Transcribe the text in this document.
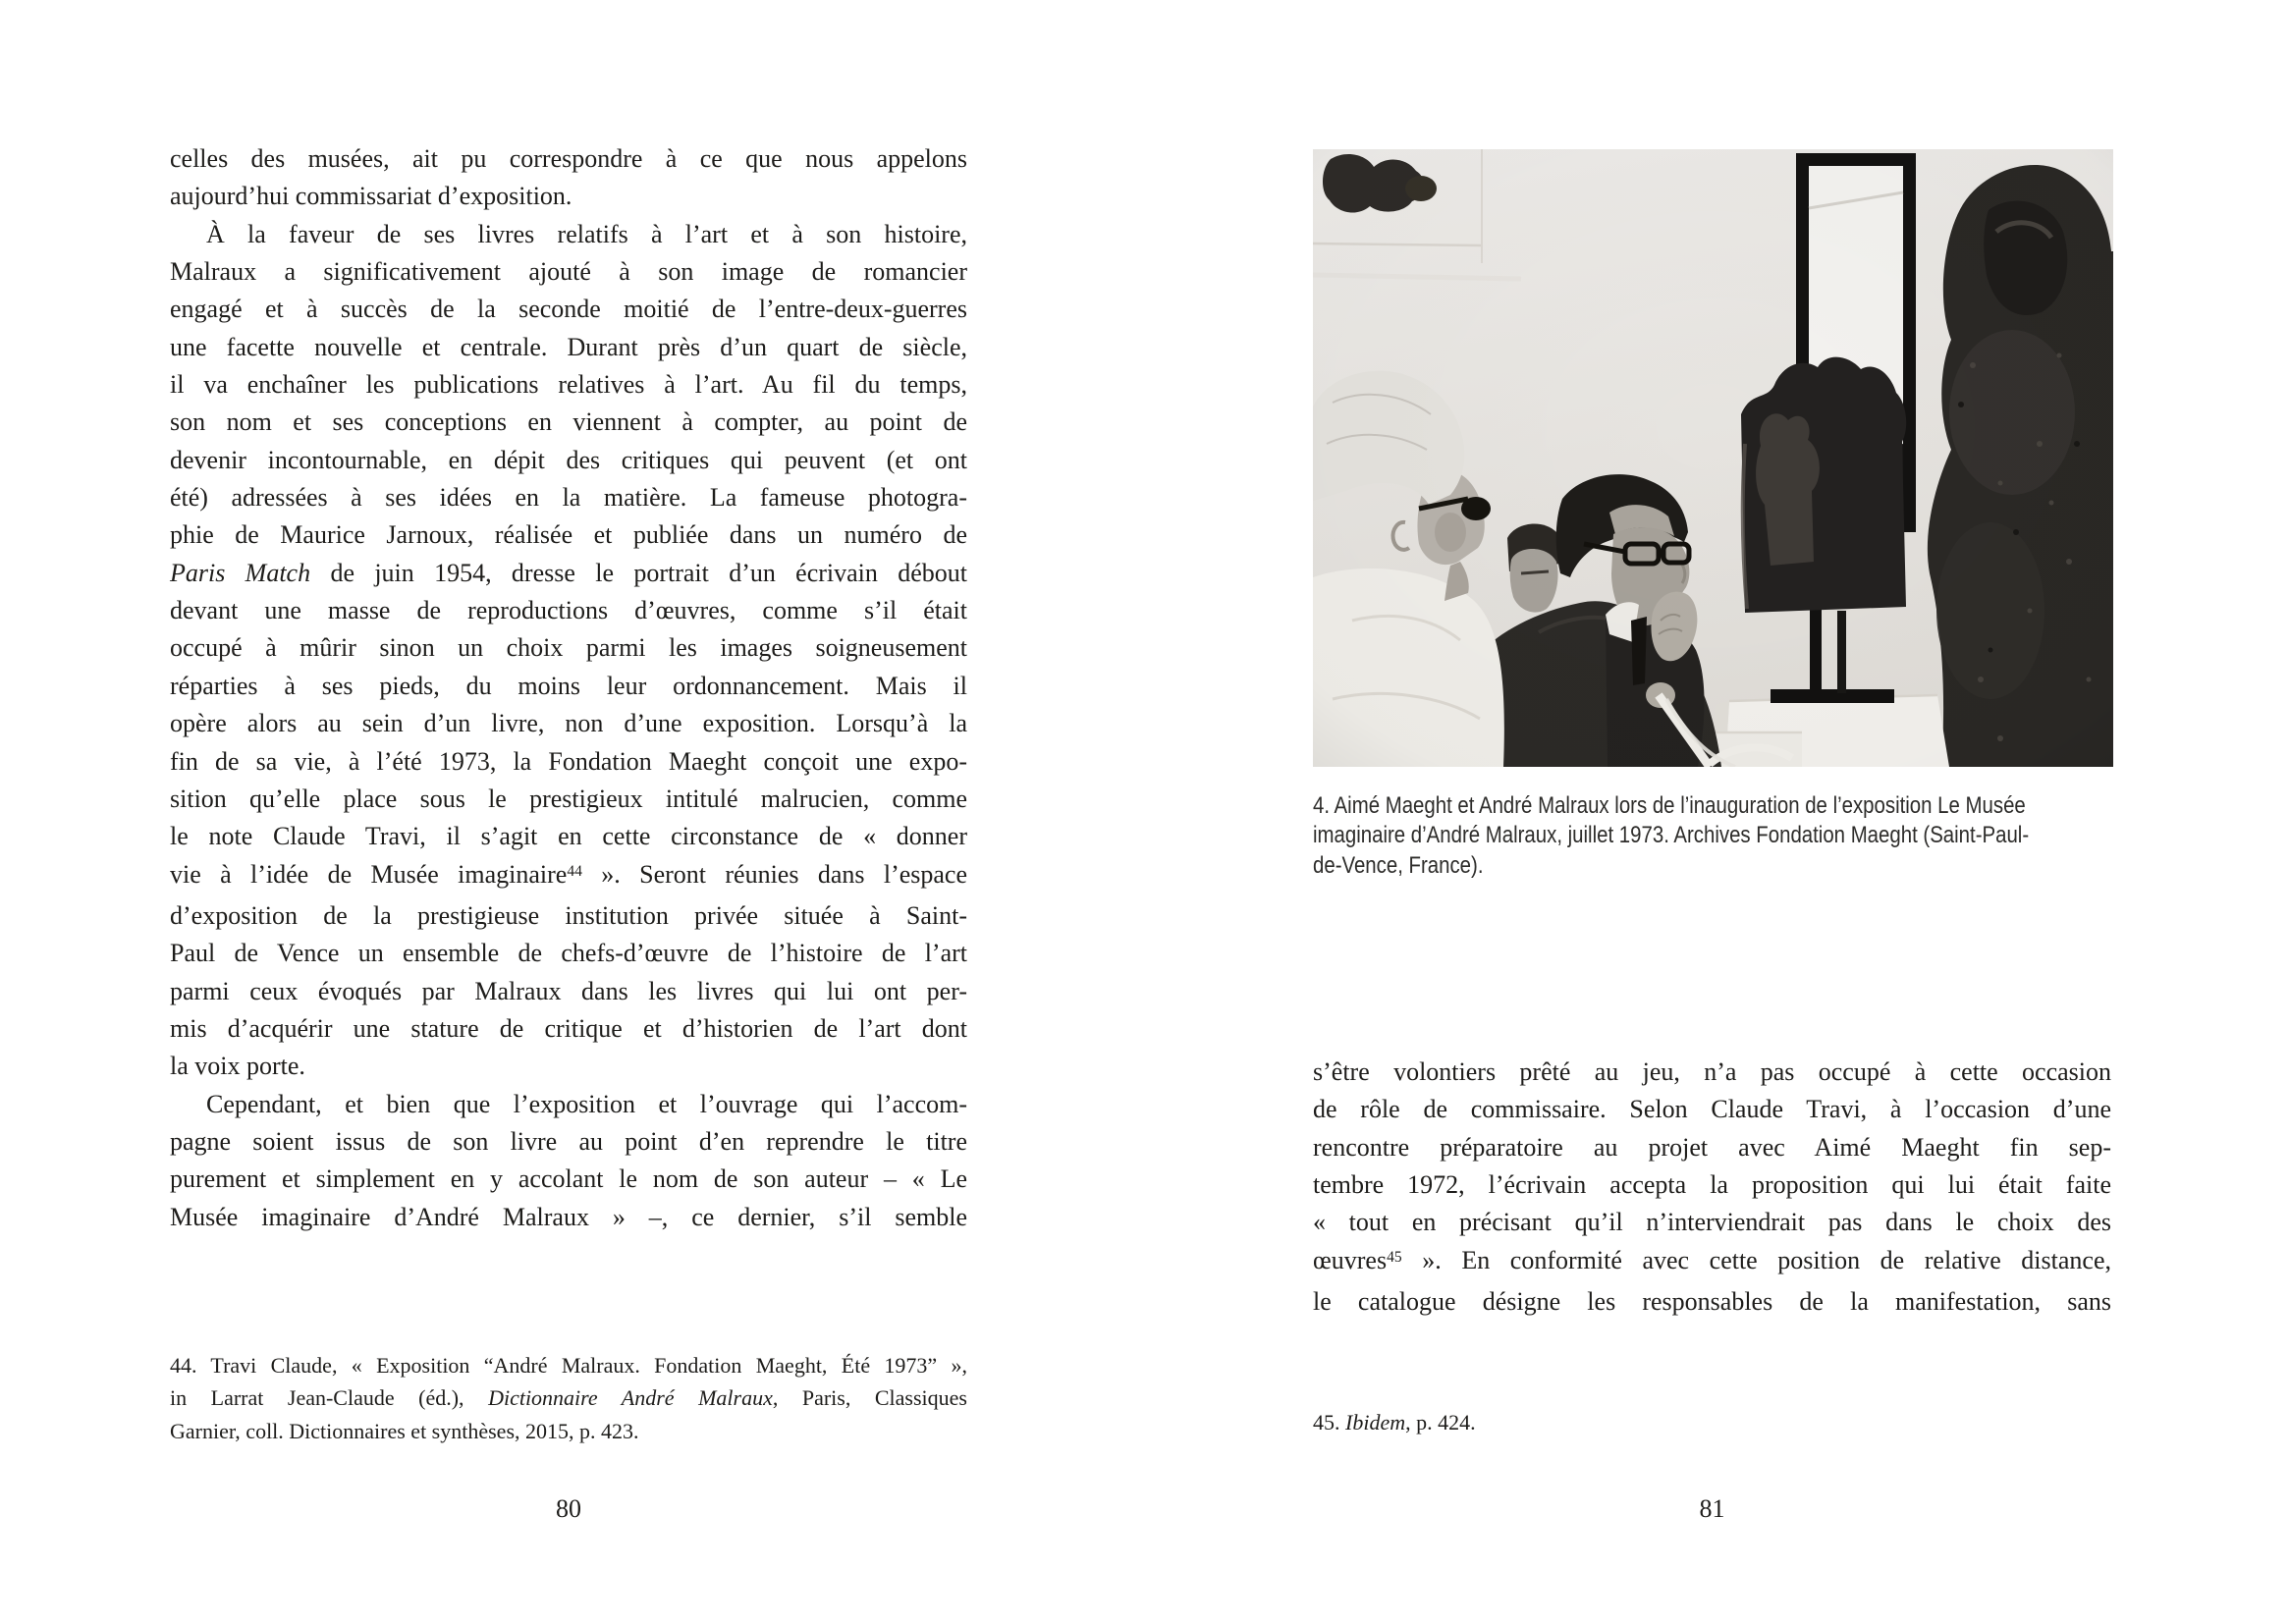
celles des musées, ait pu correspondre à ce que nous appelons
aujourd’hui commissariat d’exposition.
À la faveur de ses livres relatifs à l’art et à son histoire,
Malraux a significativement ajouté à son image de romancier
engagé et à succès de la seconde moitié de l’entre-deux-guerres
une facette nouvelle et centrale. Durant près d’un quart de siècle,
il va enchaîner les publications relatives à l’art. Au fil du temps,
son nom et ses conceptions en viennent à compter, au point de
devenir incontournable, en dépit des critiques qui peuvent (et ont
été) adressées à ses idées en la matière. La fameuse photogra-
phie de Maurice Jarnoux, réalisée et publiée dans un numéro de
Paris Match de juin 1954, dresse le portrait d’un écrivain débout
devant une masse de reproductions d’œuvres, comme s’il était
occupé à mûrir sinon un choix parmi les images soigneusement
réparties à ses pieds, du moins leur ordonnancement. Mais il
opère alors au sein d’un livre, non d’une exposition. Lorsqu’à la
fin de sa vie, à l’été 1973, la Fondation Maeght conçoit une expo-
sition qu’elle place sous le prestigieux intitulé malrucien, comme
le note Claude Travi, il s’agit en cette circonstance de « donner
vie à l’idée de Musée imaginaire$^{44}$ ». Seront réunies dans l’espace
d’exposition de la prestigieuse institution privée située à Saint-
Paul de Vence un ensemble de chefs-d’œuvre de l’histoire de l’art
parmi ceux évoqués par Malraux dans les livres qui lui ont per-
mis d’acquérir une stature de critique et d’historien de l’art dont
la voix porte.
Cependant, et bien que l’exposition et l’ouvrage qui l’accom-
pagne soient issus de son livre au point d’en reprendre le titre
purement et simplement en y accolant le nom de son auteur – « Le
Musée imaginaire d’André Malraux » –, ce dernier, s’il semble
44. Travi Claude, « Exposition “André Malraux. Fondation Maeght, Été 1973” »,
in Larrat Jean-Claude (éd.), Dictionnaire André Malraux, Paris, Classiques
Garnier, coll. Dictionnaires et synthèses, 2015, p. 423.
80
4. Aimé Maeght et André Malraux lors de l’inauguration de l’exposition Le Musée
imaginaire d’André Malraux, juillet 1973. Archives Fondation Maeght (Saint-Paul-
de-Vence, France).
s’être volontiers prêté au jeu, n’a pas occupé à cette occasion
de rôle de commissaire. Selon Claude Travi, à l’occasion d’une
rencontre préparatoire au projet avec Aimé Maeght fin sep-
tembre 1972, l’écrivain accepta la proposition qui lui était faite
« tout en précisant qu’il n’interviendrait pas dans le choix des
œuvres$^{45}$ ». En conformité avec cette position de relative distance,
le catalogue désigne les responsables de la manifestation, sans
45. Ibidem, p. 424.
81
